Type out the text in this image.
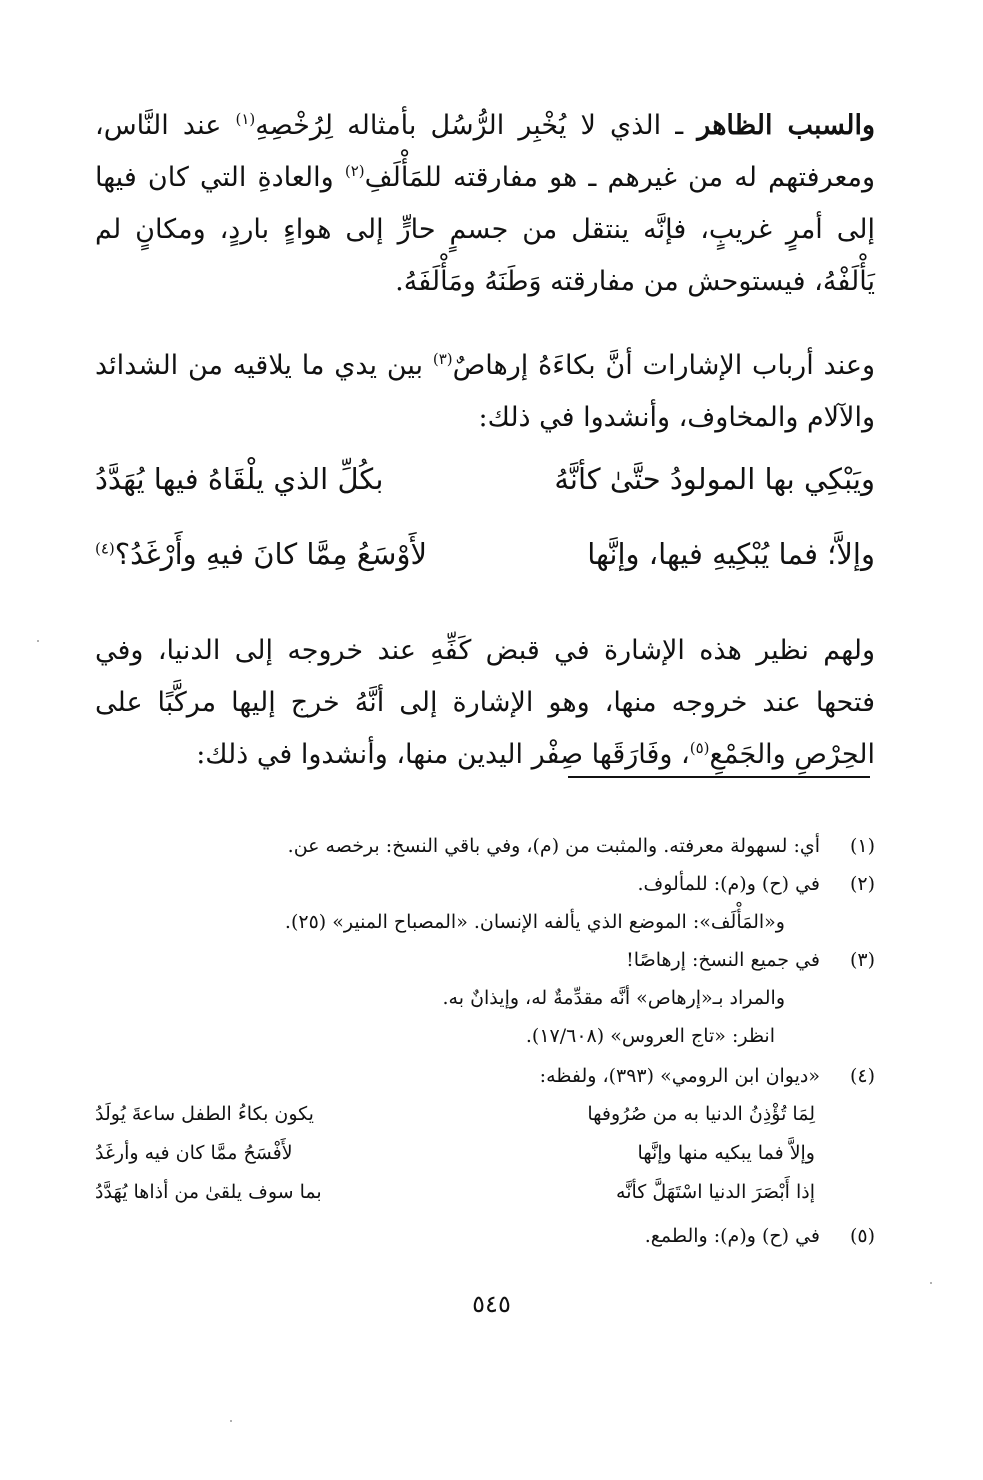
والسبب الظاهر ـ الذي لا يُخْبِر الرُّسُل بأمثاله لِرُخْصِهِ$^{(١)}$ عند النَّاس، ومعرفتهم له من غيرهم ـ هو مفارقته للمَأْلَفِ$^{(٢)}$ والعادةِ التي كان فيها إلى أمرٍ غريبٍ، فإنَّه ينتقل من جسمٍ حارٍّ إلى هواءٍ باردٍ، ومكانٍ لم يَأْلَفْهُ، فيستوحش من مفارقته وَطَنَهُ ومَأْلَفَهُ.

وعند أرباب الإشارات أنَّ بكاءَهُ إرهاصٌ$^{(٣)}$ بين يدي ما يلاقيه من الشدائد والآلام والمخاوف، وأنشدوا في ذلك:

ويَبْكِي بها المولودُ حتَّىٰ كأنَّهُ
بكُلِّ الذي يلْقَاهُ فيها يُهَدَّدُ
وإلاَّ؛ فما يُبْكِيهِ فيها، وإنَّها
لأَوْسَعُ مِمَّا كانَ فيهِ وأَرْغَدُ؟$^{(٤)}$

ولهم نظير هذه الإشارة في قبض كَفِّهِ عند خروجه إلى الدنيا، وفي فتحها عند خروجه منها، وهو الإشارة إلى أنَّهُ خرج إليها مركَّبًا على الحِرْصِ والجَمْعِ$^{(٥)}$، وفَارَقَها صِفْر اليدين منها، وأنشدوا في ذلك:

(١)
أي: لسهولة معرفته. والمثبت من (م)، وفي باقي النسخ: برخصه عن.
(٢)
في (ح) و(م): للمألوف.
و«المَأْلَف»: الموضع الذي يألفه الإنسان. «المصباح المنير» (٢٥).
(٣)
في جميع النسخ: إرهاصًا!
والمراد بـ«إرهاص» أنَّه مقدِّمةٌ له، وإيذانٌ به.
انظر: «تاج العروس» (١٧/٦٠٨).
(٤)
«ديوان ابن الرومي» (٣٩٣)، ولفظه:
لِمَا تُؤْذِنُ الدنيا به من صُرُوفها
يكون بكاءُ الطفل ساعةَ يُولَدُ
وإلاَّ فما يبكيه منها وإنَّها
لأَفْسَحُ ممَّا كان فيه وأرغَدُ
إذا أَبْصَرَ الدنيا اسْتَهَلَّ كأنَّه
بما سوف يلقىٰ من أذاها يُهَدَّدُ
(٥)
في (ح) و(م): والطمع.
٥٤٥
